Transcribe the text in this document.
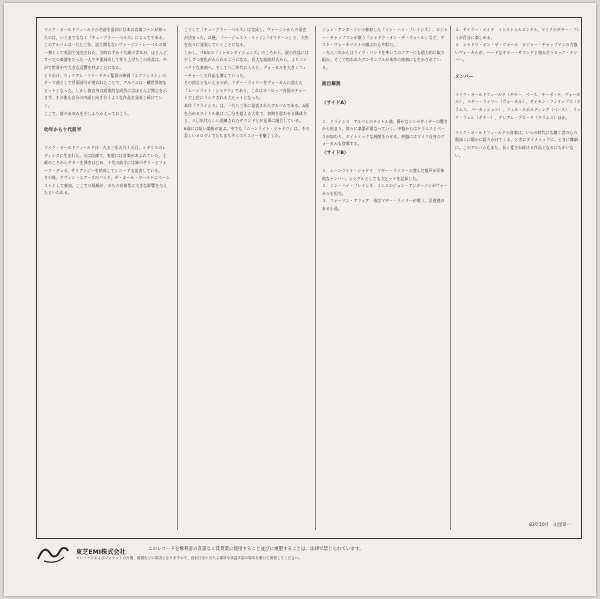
マイク・オールドフィールドの名前を最初に日本の音楽ファンが知ったのは、いうまでもなく『チューブラー・ベルズ』によってである。このアルバムは一九七三年、設立間もないヴァージン・レーベルの第一弾として英国で発売された。当時わずか十九歳の青年が、ほとんどすべての楽器をたった一人で多重録音して作り上げたこの作品は、やがて世界中で大きな反響を呼ぶことになる。
とりわけ、ウィリアム・フリードキン監督の映画『エクソシスト』のテーマ曲として冒頭部分が使われたことで、アルバムは一躍世界的なヒットとなった。しかし彼自身は商業的な成功にはほとんど関心を示さず、その後も自分の内面と向き合うような作品を発表し続けていく。
ここで、彼のあゆみを少しふりかえっておこう。

幼年から十代前半

マイク・オールドフィールドは一九五三年五月十五日、イギリスのレディングに生まれた。父は医師で、家庭には音楽があふれていた。七歳のころからギターを弾きはじめ、十代の前半には姉のサリーとフォーク・デュオ、サリアンジーを結成してレコードも発表している。
その後、ケヴィン・エアーズのバンド、ザ・ホール・ワールドにベーシストとして参加。ここでの経験が、のちの音楽性に大きな影響を与えたといわれる。

こうして『チューブラー・ベルズ』は完成し、ヴァージンからの発売が決まった。以後、『ハージェスト・リッジ』『オマドーン』と、大作を次々に発表していくことになる。
しかし、'78年の『インカンテイションズ』のころから、彼の作品には少しずつ変化がみられるようになる。長大な組曲形式から、よりコンパクトな楽曲へ。そして八〇年代に入ると、ヴォーカルを大きくフィーチャーした作品も増えていった。
その頂点ともいえるのが、マギー・ライリーをヴォーカルに迎えた『ムーンライト・シャドウ』であり、これはヨーロッパ各国のチャートで上位にランクされる大ヒットとなった。
本作『クライシス』は、一九八三年に発表されたアルバムである。A面を占めるタイトル曲は二〇分を超える大作で、初期を思わせる構成力と、八〇年代らしい洗練されたサウンドとが見事に融合している。
B面には短い楽曲が並ぶ。中でも『ムーンライト・シャドウ』は、その美しいメロディでたちまち多くのリスナーを魅了した。

ジョン・アンダーソンの参加した『イン・ハイ・プレイシズ』、ロジャー・チャップマンが歌う『シャドウ・オン・ザ・ウォール』など、ゲスト・ヴォーカリストの顔ぶれも多彩だ。
一九八二年からはライヴ・バンドを率いてのツアーにも精力的に取り組み、そこで培われたアンサンブルが本作の演奏にも生かされている。

曲目解説

〈サイドA〉

１．クライシス　アルバムのタイトル曲。静かなシンセサイザーの響きから始まり、徐々に楽器が重なっていく。中盤からはドラムスとベースが加わり、ダイナミックな展開をみせる。終盤にはマイク自身のヴォーカルも登場する。

〈サイドB〉

１．ムーンライト・シャドウ　マギー・ライリーの澄んだ歌声が印象的なナンバー。シングルとしても大ヒットを記録した。
２．イン・ハイ・プレイシズ　イエスのジョン・アンダーソンがヴォーカルを担当。
３．フォーリン・アフェア　再びマギー・ライリーが歌う、浮遊感のある小品。

４．テイラー・メイド　インストゥルメンタル。マイクのギター・プレイが存分に楽しめる。
５．シャドウ・オン・ザ・ウォール　ロジャー・チャップマンの力強いヴォーカルが、ハードなギター・サウンドと絡み合うロック・ナンバー。

メンバー

マイク・オールドフィールド（ギター、ベース、キーボード、ヴォーカル）、マギー・ライリー（ヴォーカル）、サイモン・フィリップス（ドラムス、パーカッション）、フィル・スポルディング（ベース）、リック・フェン（ギター）、グレアム・ブロード（ドラムス）ほか。

マイク・オールドフィールドの音楽は、いつの時代にも聴く者の心の奥深くに静かに語りかけてくる。ときにダイナミックに、ときに繊細に。このアルバムもまた、長く愛され続ける作品となるにちがいない。

83年10月　山里章一
東芝EMI株式会社	このレコードを権利者の許諾なく賃貸業に使用すること並びに複製することは、法律で禁じられています。
＊レコードおよびジャケットの汚損、破損などの原因となりますので、直射日光の当たる場所や高温多湿の場所を避けて保管してください。
